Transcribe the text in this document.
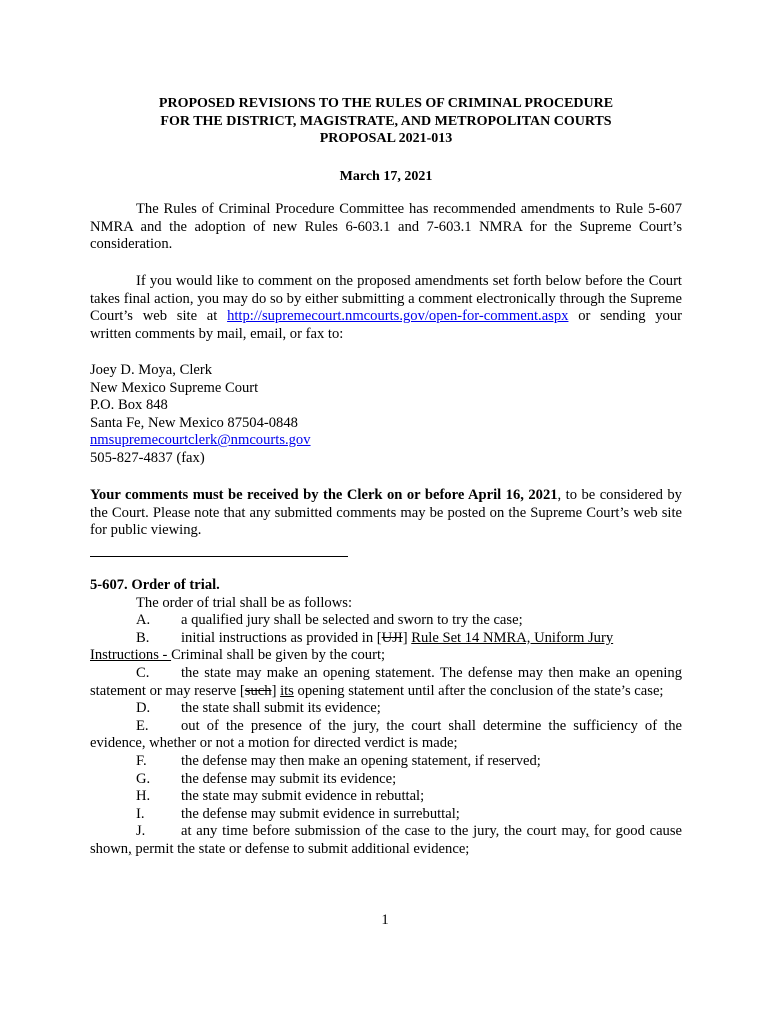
PROPOSED REVISIONS TO THE RULES OF CRIMINAL PROCEDURE
FOR THE DISTRICT, MAGISTRATE, AND METROPOLITAN COURTS
PROPOSAL 2021-013
March 17, 2021

The Rules of Criminal Procedure Committee has recommended amendments to Rule 5-607 NMRA and the adoption of new Rules 6-603.1 and 7-603.1 NMRA for the Supreme Court’s consideration.

If you would like to comment on the proposed amendments set forth below before the Court takes final action, you may do so by either submitting a comment electronically through the Supreme Court’s web site at http://supremecourt.nmcourts.gov/open-for-comment.aspx or sending your written comments by mail, email, or fax to:

Joey D. Moya, Clerk
New Mexico Supreme Court
P.O. Box 848
Santa Fe, New Mexico 87504-0848
nmsupremecourtclerk@nmcourts.gov
505-827-4837 (fax)

Your comments must be received by the Clerk on or before April 16, 2021, to be considered by the Court. Please note that any submitted comments may be posted on the Supreme Court’s web site for public viewing.

5-607. Order of trial.
The order of trial shall be as follows:
A. a qualified jury shall be selected and sworn to try the case;
B. initial instructions as provided in [UJI] Rule Set 14 NMRA, Uniform Jury Instructions - Criminal shall be given by the court;
C. the state may make an opening statement. The defense may then make an opening statement or may reserve [such] its opening statement until after the conclusion of the state’s case;
D. the state shall submit its evidence;
E. out of the presence of the jury, the court shall determine the sufficiency of the evidence, whether or not a motion for directed verdict is made;
F. the defense may then make an opening statement, if reserved;
G. the defense may submit its evidence;
H. the state may submit evidence in rebuttal;
I. the defense may submit evidence in surrebuttal;
J. at any time before submission of the case to the jury, the court may, for good cause shown, permit the state or defense to submit additional evidence;
1
